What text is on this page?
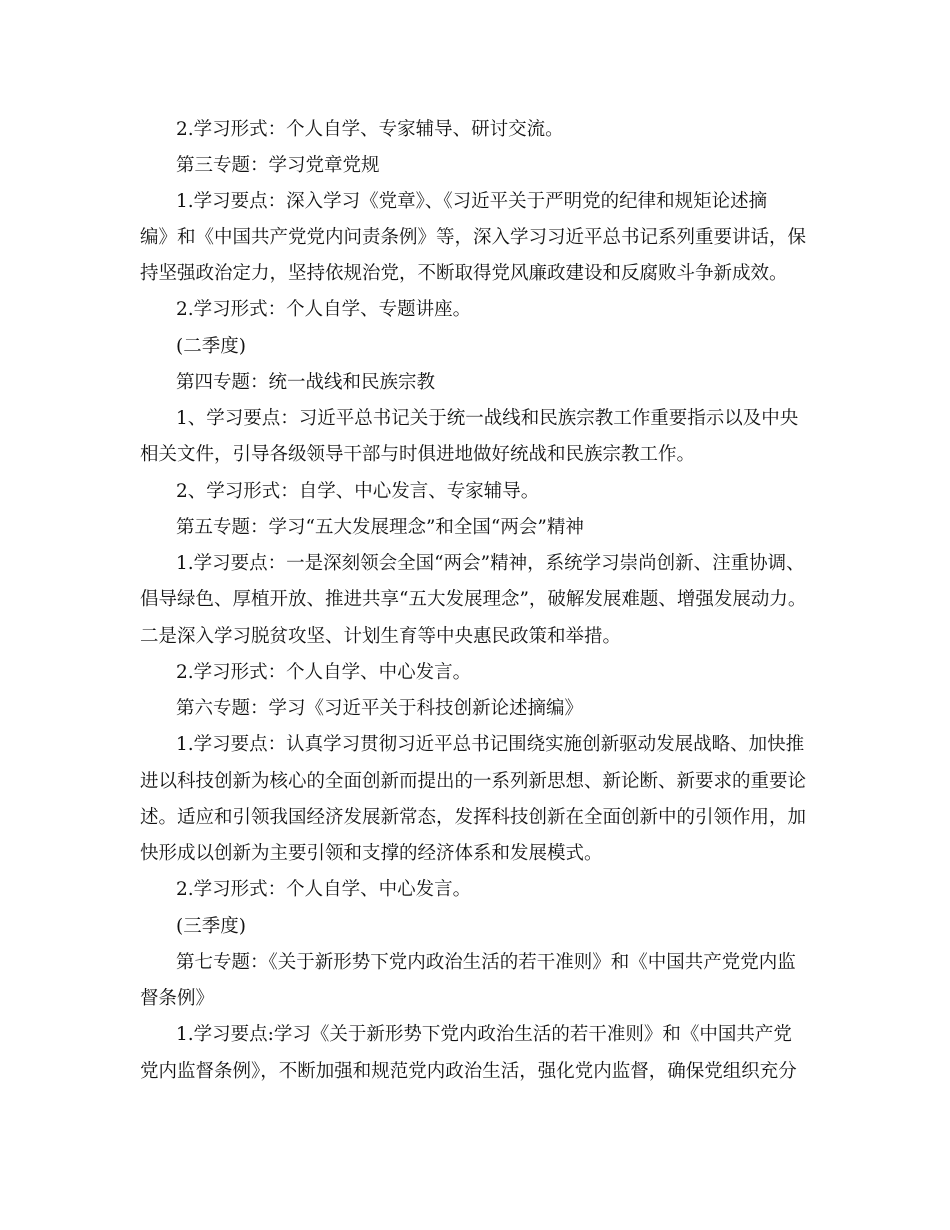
2.学习形式：个人自学、专家辅导、研讨交流。
第三专题：学习党章党规
1.学习要点：深入学习《党章》、《习近平关于严明党的纪律和规矩论述摘
编》和《中国共产党党内问责条例》等，深入学习习近平总书记系列重要讲话，保
持坚强政治定力，坚持依规治党，不断取得党风廉政建设和反腐败斗争新成效。
2.学习形式：个人自学、专题讲座。
(二季度)
第四专题：统一战线和民族宗教
1、学习要点：习近平总书记关于统一战线和民族宗教工作重要指示以及中央
相关文件，引导各级领导干部与时俱进地做好统战和民族宗教工作。
2、学习形式：自学、中心发言、专家辅导。
第五专题：学习“五大发展理念”和全国“两会”精神
1.学习要点：一是深刻领会全国“两会”精神，系统学习崇尚创新、注重协调、
倡导绿色、厚植开放、推进共享“五大发展理念”，破解发展难题、增强发展动力。
二是深入学习脱贫攻坚、计划生育等中央惠民政策和举措。
2.学习形式：个人自学、中心发言。
第六专题：学习《习近平关于科技创新论述摘编》
1.学习要点：认真学习贯彻习近平总书记围绕实施创新驱动发展战略、加快推
进以科技创新为核心的全面创新而提出的一系列新思想、新论断、新要求的重要论
述。适应和引领我国经济发展新常态，发挥科技创新在全面创新中的引领作用，加
快形成以创新为主要引领和支撑的经济体系和发展模式。
2.学习形式：个人自学、中心发言。
(三季度)
第七专题：《关于新形势下党内政治生活的若干准则》和《中国共产党党内监
督条例》
1.学习要点:学习《关于新形势下党内政治生活的若干准则》和《中国共产党
党内监督条例》，不断加强和规范党内政治生活，强化党内监督，确保党组织充分
